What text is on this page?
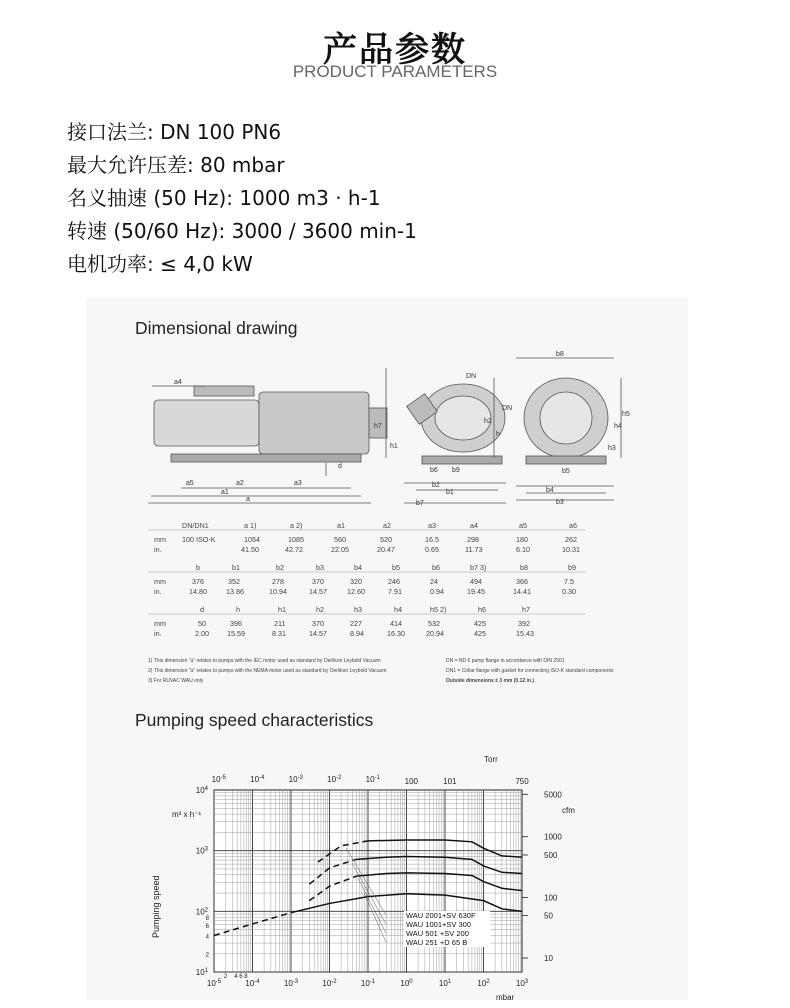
产品参数
PRODUCT PARAMETERS
接口法兰: DN 100 PN6
最大允许压差: 80 mbar
名义抽速 (50 Hz): 1000 m3 · h-1
转速 (50/60 Hz): 3000 / 3600 min-1
电机功率: ≤ 4,0 kW
Dimensional drawing
a4
a5	a2	a3
a1
a
d
h7
h1
h2
h
DN
b6 b9
b2
b1
b7
DN
b8
h5
h4
h3
b5
b4
b3
DN/DN1	a 1)	a 2)	a1	a2	a3	a4	a5	a6
mm 100 ISO-K	1054	1085	560	520	16.5	298	180	262
in.	41.50	42.72	22.05	20.47	0.65	11.73	6.10	10.31
b	b1	b2	b3	b4	b5	b6	b7 3)	b8	b9
mm	376	352	278	370	320	246	24	494	366	7.5
in.	14.80	13 86	10.94	14.57	12.60	7.91	0.94	19.45	14.41	0.30
d	h	h1	h2	h3	h4	h5 2)	h6	h7
mm	50	396	211	370	227	414	532	425	392
in.	2.00	15.59	8.31	14.57	8.94	16.30	20.94	425	15.43
1) This dimension "a" relates to pumps with the IEC motor used as standard by Oerlikon Leybold Vacuum
2) This dimension "a" relates to pumps with the NEMA motor used as standard by Oerlikon Leybold Vacuum
3) For RUVAC WAU only
DN = ND 6 pump flange in accordance with DIN 2501
DN1 = Collar flange with gasket for connecting ISO-K standard components
Outside dimensions ± 3 mm (0.12 in.)
Pumping speed characteristics
$10^{-5}$	$10^{-4}$	$10^{-3}$	$10^{-2}$	$10^{-1}$	$10^0$	$10^1$	$10^2$	$10^3$
$10^{-5}$	$10^{-4}$	$10^{-3}$	$10^{-2}$	$10^{-1}$	100	101	750
$10^1$
$10^2$
$10^3$
$10^4$
2
4
6
8
2 4 6 8
5000
1000
500
100
50
10
WAU 2001+SV 630F
WAU 1001+SV 300
WAU 501 +SV 200
WAU 251 +D 65 B
Pumping speed
m³ x h⁻¹	cfm
Torr
mbar
